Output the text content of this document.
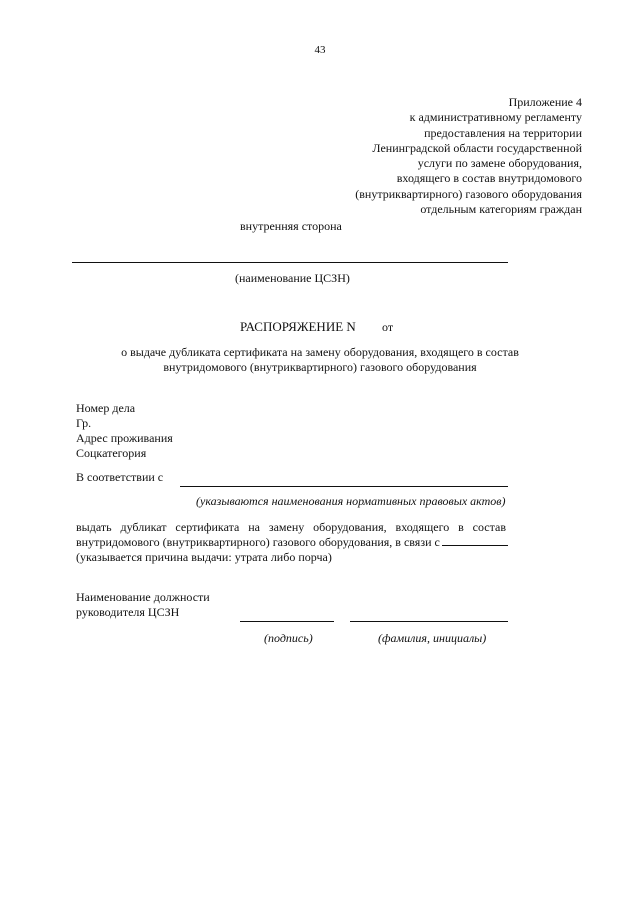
43
Приложение 4
к административному регламенту
предоставления на территории
Ленинградской области государственной
услуги по замене оборудования,
входящего в состав внутридомового
(внутриквартирного) газового оборудования
отдельным категориям граждан
внутренняя сторона
(наименование ЦСЗН)
РАСПОРЯЖЕНИЕ N от
о выдаче дубликата сертификата на замену оборудования, входящего в состав
внутридомового (внутриквартирного) газового оборудования
Номер дела
Гр.
Адрес проживания
Соцкатегория
В соответствии с
(указываются наименования нормативных правовых актов)
выдать дубликат сертификата на замену оборудования, входящего в состав
внутридомового (внутриквартирного) газового оборудования, в связи с
(указывается причина выдачи: утрата либо порча)
Наименование должности
руководителя ЦСЗН
(подпись)	(фамилия, инициалы)
